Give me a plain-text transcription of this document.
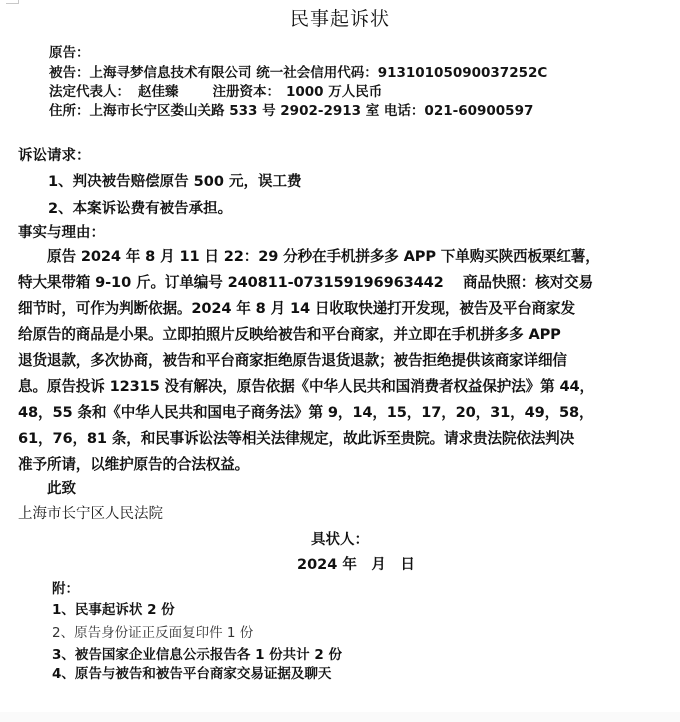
民事起诉状
原告：
被告：上海寻梦信息技术有限公司 统一社会信用代码：91310105090037252C
法定代表人： 赵佳臻	注册资本： 1000 万人民币
住所：上海市长宁区娄山关路 533 号 2902-2913 室 电话：021-60900597
诉讼请求：
1、判决被告赔偿原告 500 元，误工费
2、本案诉讼费有被告承担。
事实与理由：
原告 2024 年 8 月 11 日 22：29 分秒在手机拼多多 APP 下单购买陕西板栗红薯，
特大果带箱 9-10 斤。订单编号 240811-073159196963442　 商品快照：核对交易
细节时，可作为判断依据。2024 年 8 月 14 日收取快递打开发现，被告及平台商家发
给原告的商品是小果。立即拍照片反映给被告和平台商家，并立即在手机拼多多 APP
退货退款，多次协商，被告和平台商家拒绝原告退货退款；被告拒绝提供该商家详细信
息。原告投诉 12315 没有解决，原告依据《中华人民共和国消费者权益保护法》第 44，
48，55 条和《中华人民共和国电子商务法》第 9，14，15，17，20，31，49，58，
61，76，81 条，和民事诉讼法等相关法律规定，故此诉至贵院。请求贵法院依法判决
准予所请，以维护原告的合法权益。
此致
上海市长宁区人民法院
具状人：
2024 年　月　日
附：
1、民事起诉状 2 份
2、原告身份证正反面复印件 1 份
3、被告国家企业信息公示报告各 1 份共计 2 份
4、原告与被告和被告平台商家交易证据及聊天
